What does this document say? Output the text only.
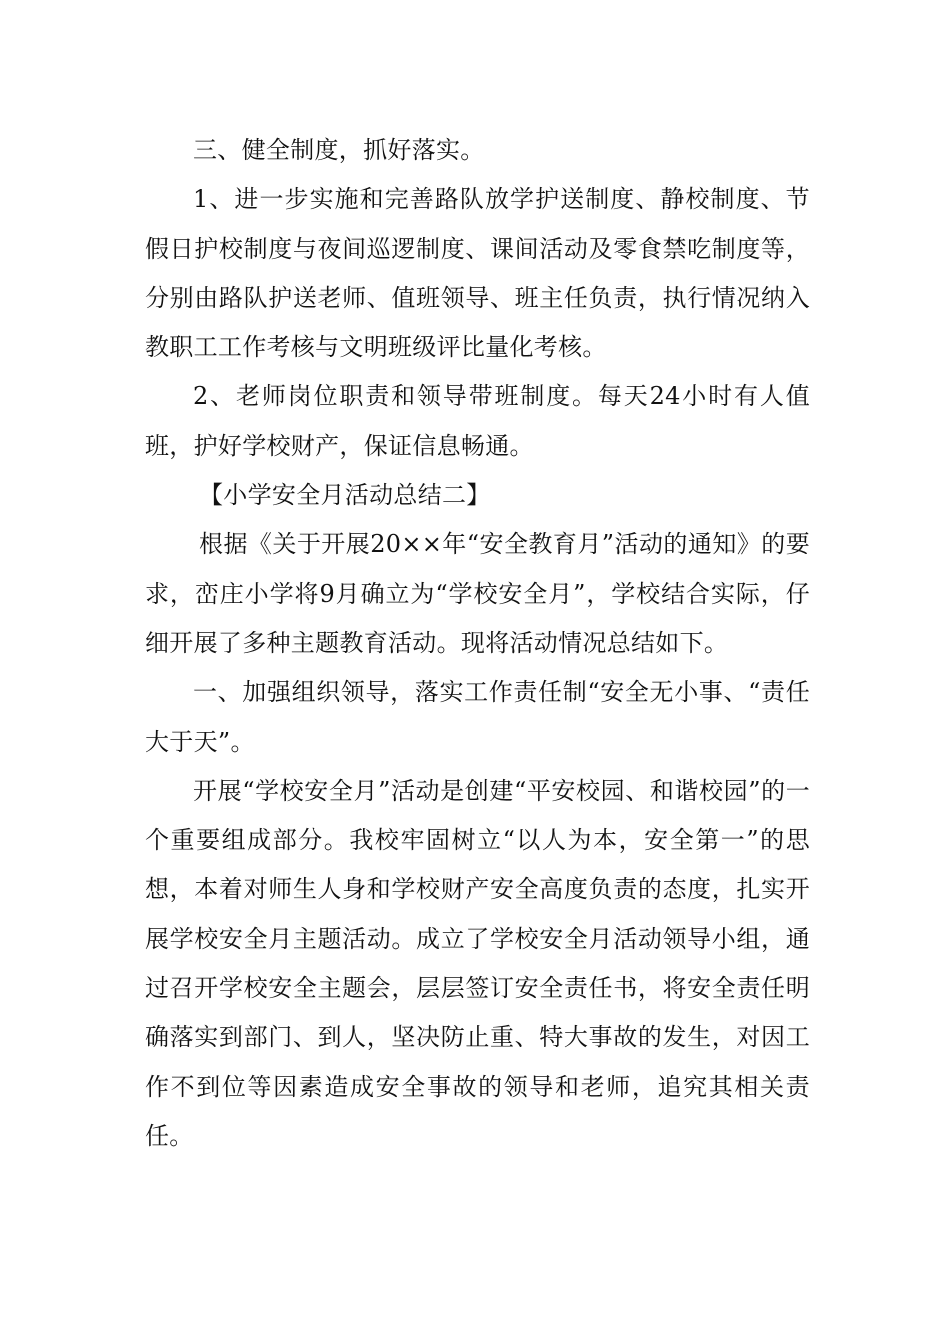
三、健全制度，抓好落实。

1、进一步实施和完善路队放学护送制度、静校制度、节假日护校制度与夜间巡逻制度、课间活动及零食禁吃制度等，分别由路队护送老师、值班领导、班主任负责，执行情况纳入教职工工作考核与文明班级评比量化考核。

2、老师岗位职责和领导带班制度。每天24小时有人值班，护好学校财产，保证信息畅通。

【小学安全月活动总结二】

根据《关于开展20××年“安全教育月”活动的通知》的要求，峦庄小学将9月确立为“学校安全月”，学校结合实际，仔细开展了多种主题教育活动。现将活动情况总结如下。

一、加强组织领导，落实工作责任制“安全无小事、“责任大于天”。

开展“学校安全月”活动是创建“平安校园、和谐校园”的一个重要组成部分。我校牢固树立“以人为本，安全第一”的思想，本着对师生人身和学校财产安全高度负责的态度，扎实开展学校安全月主题活动。成立了学校安全月活动领导小组，通过召开学校安全主题会，层层签订安全责任书，将安全责任明确落实到部门、到人，坚决防止重、特大事故的发生，对因工作不到位等因素造成安全事故的领导和老师，追究其相关责任。
